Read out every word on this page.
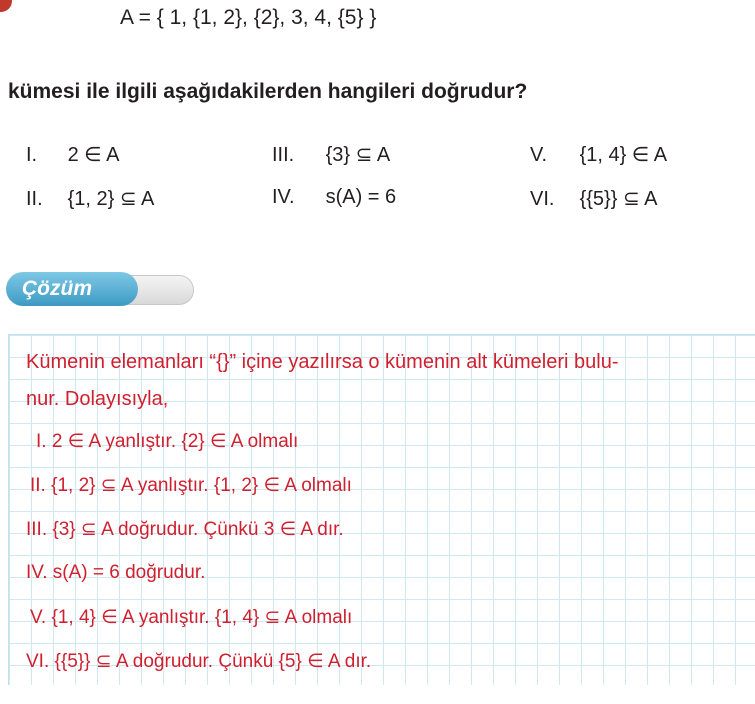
A = { 1, {1, 2}, {2}, 3, 4, {5} }
kümesi ile ilgili aşağıdakilerden hangileri doğrudur?
I. 2 ∈ A
II. {1, 2} ⊆ A
III. {3} ⊆ A
IV. s(A) = 6
V. {1, 4} ∈ A
VI. {{5}} ⊆ A
Çözüm
Kümenin elemanları “{}” içine yazılırsa o kümenin alt kümeleri bulu-
nur. Dolayısıyla,
I. 2 ∈ A yanlıştır. {2} ∈ A olmalı
II. {1, 2} ⊆ A yanlıştır. {1, 2} ∈ A olmalı
III. {3} ⊆ A doğrudur. Çünkü 3 ∈ A dır.
IV. s(A) = 6 doğrudur.
V. {1, 4} ∈ A yanlıştır. {1, 4} ⊆ A olmalı
VI. {{5}} ⊆ A doğrudur. Çünkü {5} ∈ A dır.
